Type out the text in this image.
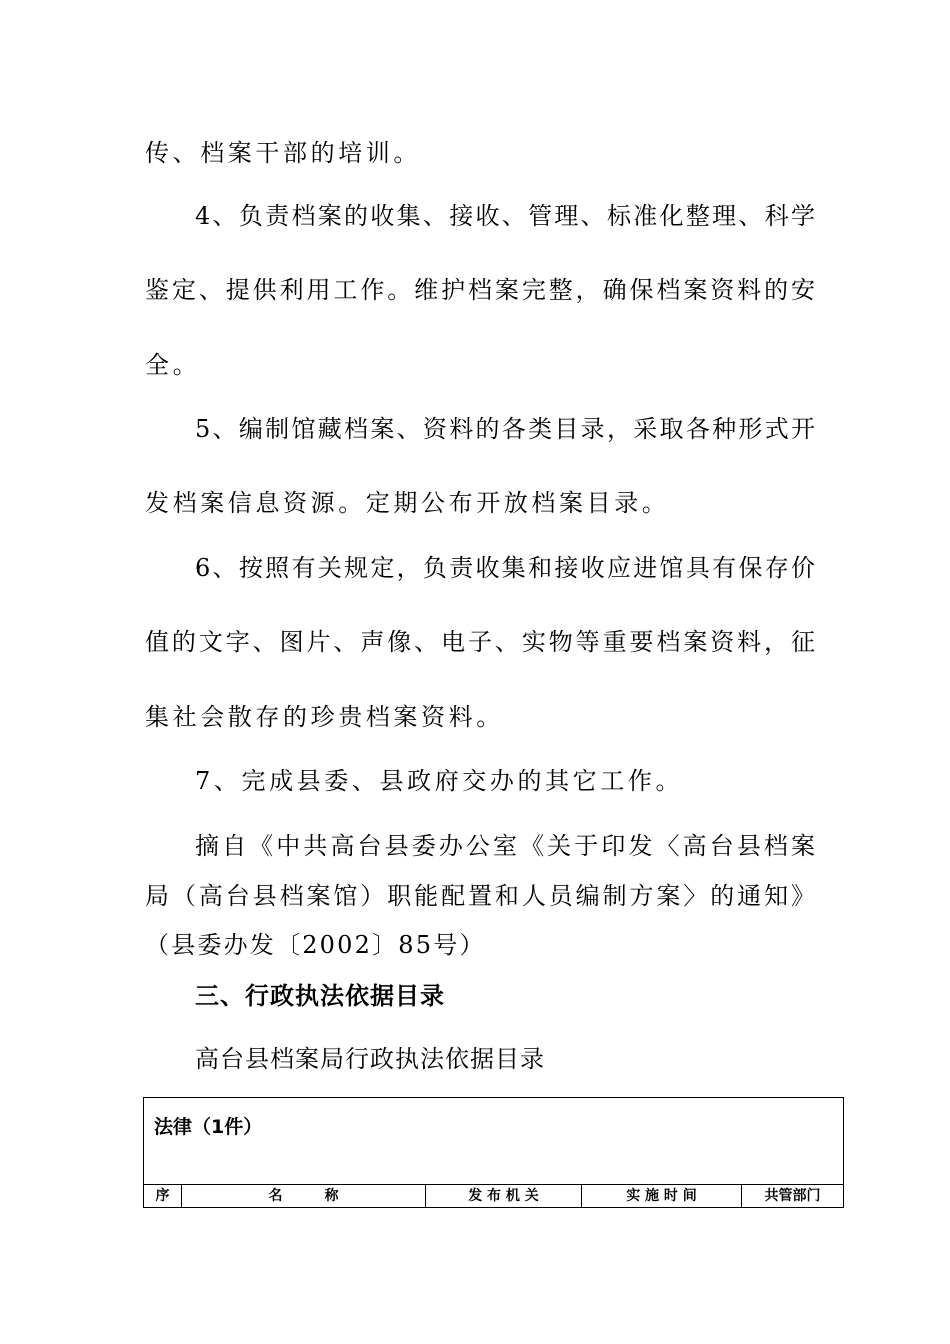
传、档案干部的培训。
4、负责档案的收集、接收、管理、标准化整理、科学
鉴定、提供利用工作。维护档案完整，确保档案资料的安
全。
5、编制馆藏档案、资料的各类目录，采取各种形式开
发档案信息资源。定期公布开放档案目录。
6、按照有关规定，负责收集和接收应进馆具有保存价
值的文字、图片、声像、电子、实物等重要档案资料，征
集社会散存的珍贵档案资料。
7、完成县委、县政府交办的其它工作。
摘自《中共高台县委办公室《关于印发〈高台县档案
局（高台县档案馆）职能配置和人员编制方案〉的通知》
（县委办发〔2002〕85号）
三、行政执法依据目录
高台县档案局行政执法依据目录
法律（1件）
序	名　　　称	发 布 机 关	实 施 时 间	共管部门
